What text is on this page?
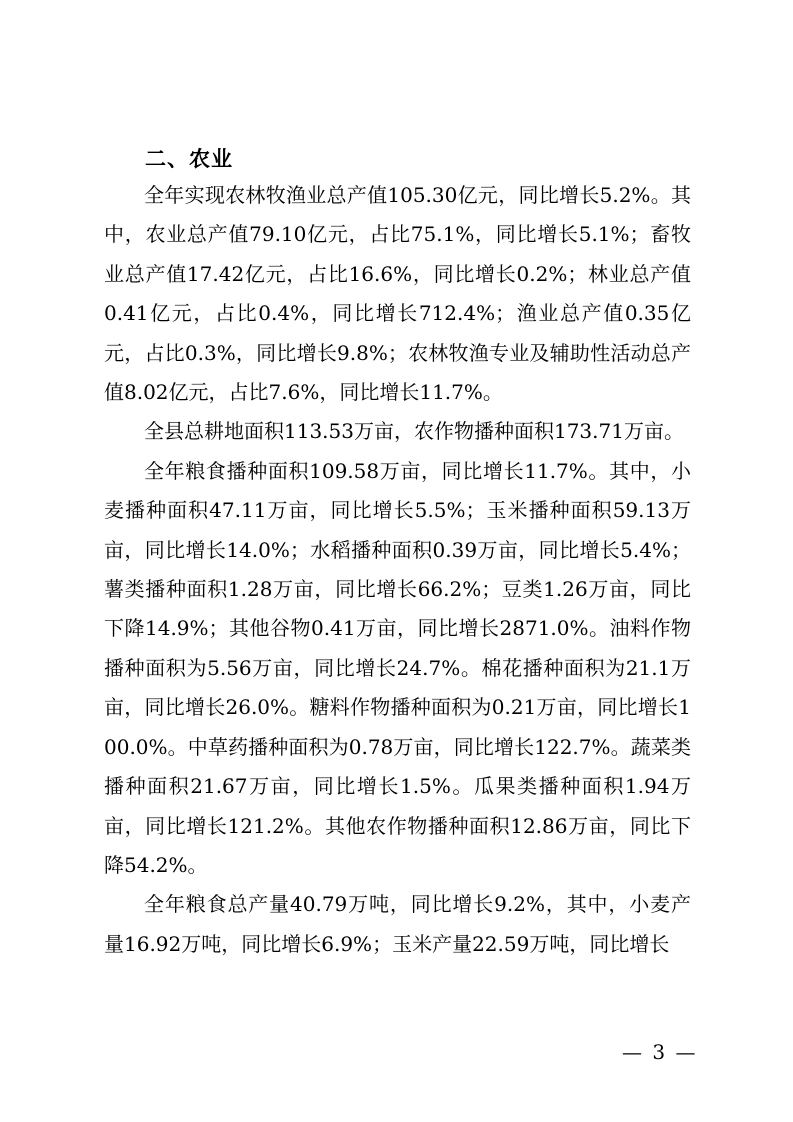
二、农业

全年实现农林牧渔业总产值105.30亿元，同比增长5.2%。其中，农业总产值79.10亿元，占比75.1%，同比增长5.1%；畜牧业总产值17.42亿元，占比16.6%，同比增长0.2%；林业总产值0.41亿元，占比0.4%，同比增长712.4%；渔业总产值0.35亿元，占比0.3%，同比增长9.8%；农林牧渔专业及辅助性活动总产值8.02亿元，占比7.6%，同比增长11.7%。

全县总耕地面积113.53万亩，农作物播种面积173.71万亩。

全年粮食播种面积109.58万亩，同比增长11.7%。其中，小麦播种面积47.11万亩，同比增长5.5%；玉米播种面积59.13万亩，同比增长14.0%；水稻播种面积0.39万亩，同比增长5.4%；薯类播种面积1.28万亩，同比增长66.2%；豆类1.26万亩，同比下降14.9%；其他谷物0.41万亩，同比增长2871.0%。油料作物播种面积为5.56万亩，同比增长24.7%。棉花播种面积为21.1万亩，同比增长26.0%。糖料作物播种面积为0.21万亩，同比增长100.0%。中草药播种面积为0.78万亩，同比增长122.7%。蔬菜类播种面积21.67万亩，同比增长1.5%。瓜果类播种面积1.94万亩，同比增长121.2%。其他农作物播种面积12.86万亩，同比下降54.2%。

全年粮食总产量40.79万吨，同比增长9.2%，其中，小麦产量16.92万吨，同比增长6.9%；玉米产量22.59万吨，同比增长

— 3 —
